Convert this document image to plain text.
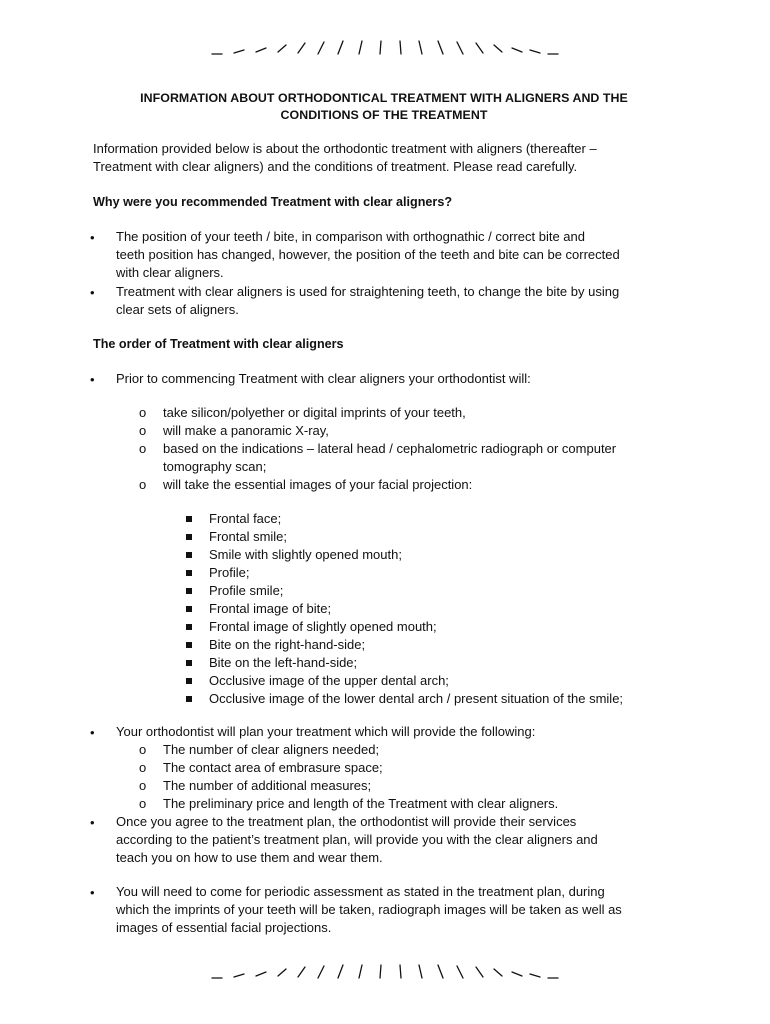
INFORMATION ABOUT ORTHODONTICAL TREATMENT WITH ALIGNERS AND THE
CONDITIONS OF THE TREATMENT
Information provided below is about the orthodontic treatment with aligners (thereafter –
Treatment with clear aligners) and the conditions of treatment. Please read carefully.
Why were you recommended Treatment with clear aligners?
• The position of your teeth / bite, in comparison with orthognathic / correct bite and
teeth position has changed, however, the position of the teeth and bite can be corrected
with clear aligners.
• Treatment with clear aligners is used for straightening teeth, to change the bite by using
clear sets of aligners.
The order of Treatment with clear aligners
• Prior to commencing Treatment with clear aligners your orthodontist will:
o take silicon/polyether or digital imprints of your teeth,
o will make a panoramic X-ray,
o based on the indications – lateral head / cephalometric radiograph or computer
tomography scan;
o will take the essential images of your facial projection:
Frontal face;
Frontal smile;
Smile with slightly opened mouth;
Profile;
Profile smile;
Frontal image of bite;
Frontal image of slightly opened mouth;
Bite on the right-hand-side;
Bite on the left-hand-side;
Occlusive image of the upper dental arch;
Occlusive image of the lower dental arch / present situation of the smile;
• Your orthodontist will plan your treatment which will provide the following:
o The number of clear aligners needed;
o The contact area of embrasure space;
o The number of additional measures;
o The preliminary price and length of the Treatment with clear aligners.
• Once you agree to the treatment plan, the orthodontist will provide their services
according to the patient’s treatment plan, will provide you with the clear aligners and
teach you on how to use them and wear them.
• You will need to come for periodic assessment as stated in the treatment plan, during
which the imprints of your teeth will be taken, radiograph images will be taken as well as
images of essential facial projections.
